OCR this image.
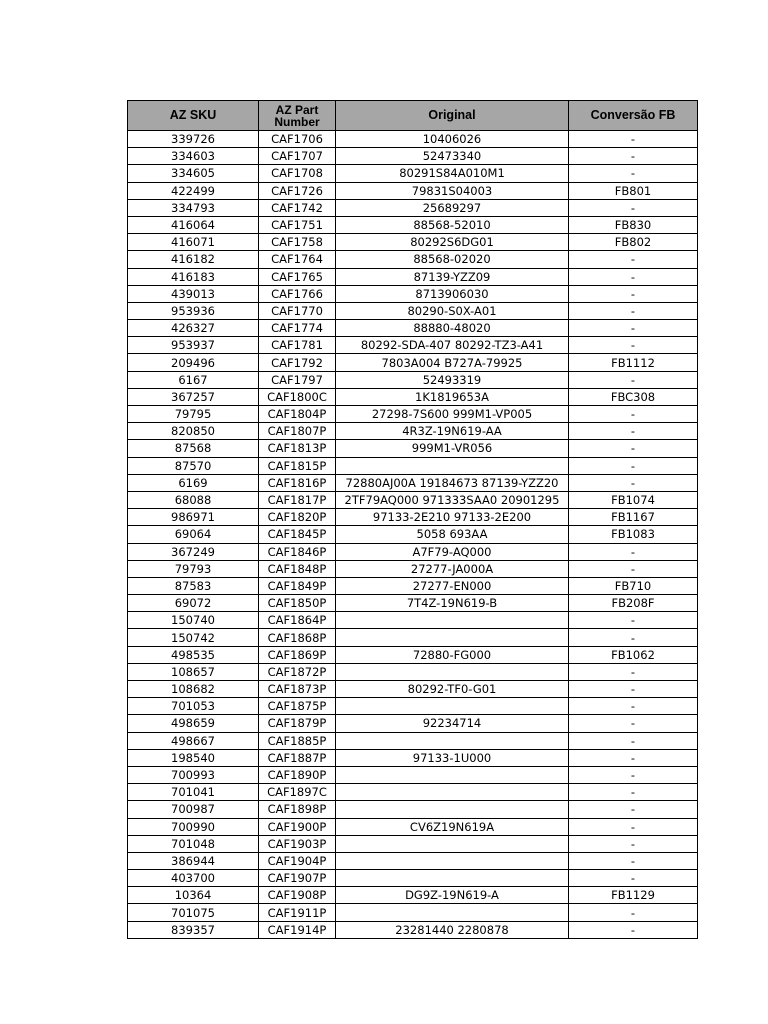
AZ SKU	AZ Part Number	Original	Conversão FB
339726	CAF1706	10406026	-
334603	CAF1707	52473340	-
334605	CAF1708	80291S84A010M1	-
422499	CAF1726	79831S04003	FB801
334793	CAF1742	25689297	-
416064	CAF1751	88568-52010	FB830
416071	CAF1758	80292S6DG01	FB802
416182	CAF1764	88568-02020	-
416183	CAF1765	87139-YZZ09	-
439013	CAF1766	8713906030	-
953936	CAF1770	80290-S0X-A01	-
426327	CAF1774	88880-48020	-
953937	CAF1781	80292-SDA-407 80292-TZ3-A41	-
209496	CAF1792	7803A004 B727A-79925	FB1112
6167	CAF1797	52493319	-
367257	CAF1800C	1K1819653A	FBC308
79795	CAF1804P	27298-7S600 999M1-VP005	-
820850	CAF1807P	4R3Z-19N619-AA	-
87568	CAF1813P	999M1-VR056	-
87570	CAF1815P		-
6169	CAF1816P	72880AJ00A 19184673 87139-YZZ20	-
68088	CAF1817P	2TF79AQ000 971333SAA0 20901295	FB1074
986971	CAF1820P	97133-2E210 97133-2E200	FB1167
69064	CAF1845P	5058 693AA	FB1083
367249	CAF1846P	A7F79-AQ000	-
79793	CAF1848P	27277-JA000A	-
87583	CAF1849P	27277-EN000	FB710
69072	CAF1850P	7T4Z-19N619-B	FB208F
150740	CAF1864P		-
150742	CAF1868P		-
498535	CAF1869P	72880-FG000	FB1062
108657	CAF1872P		-
108682	CAF1873P	80292-TF0-G01	-
701053	CAF1875P		-
498659	CAF1879P	92234714	-
498667	CAF1885P		-
198540	CAF1887P	97133-1U000	-
700993	CAF1890P		-
701041	CAF1897C		-
700987	CAF1898P		-
700990	CAF1900P	CV6Z19N619A	-
701048	CAF1903P		-
386944	CAF1904P		-
403700	CAF1907P		-
10364	CAF1908P	DG9Z-19N619-A	FB1129
701075	CAF1911P		-
839357	CAF1914P	23281440 2280878	-
